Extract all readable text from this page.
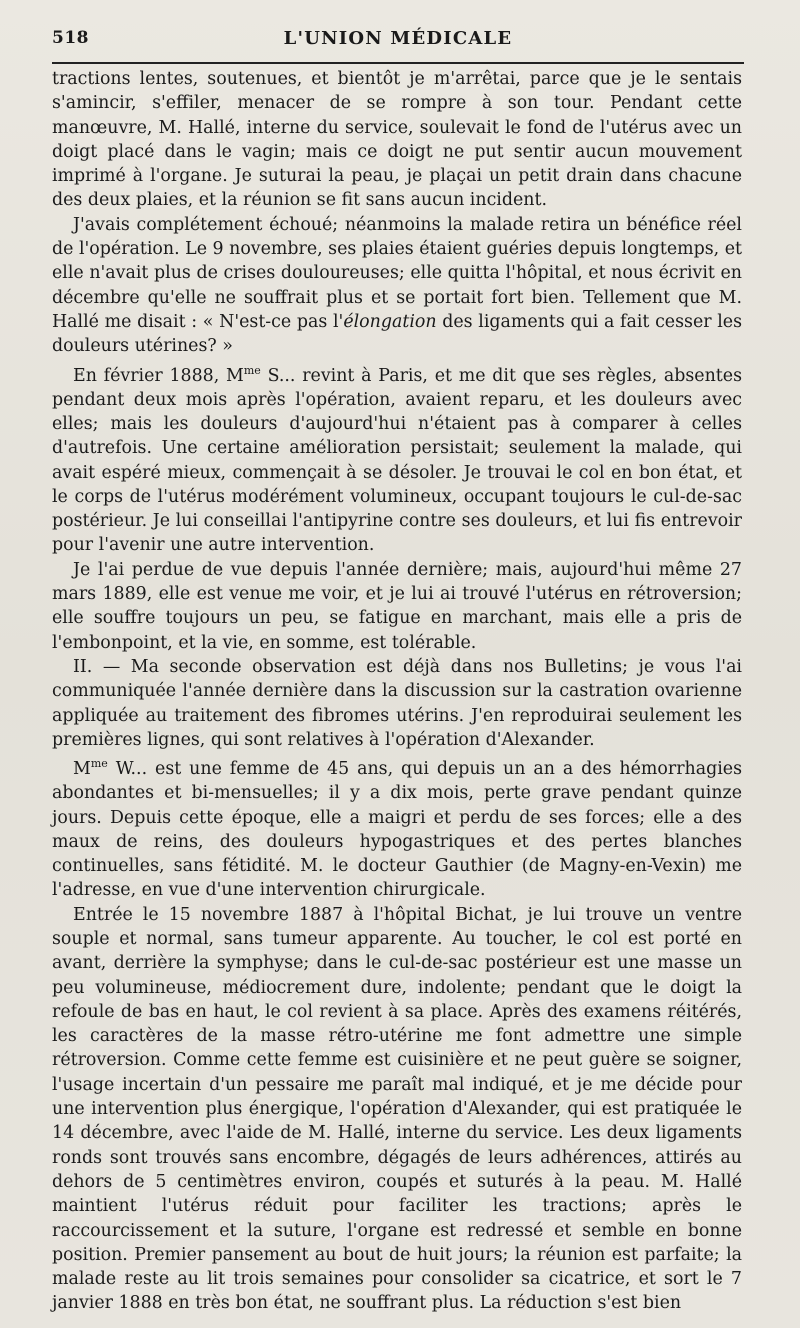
518	L'UNION MÉDICALE

tractions lentes, soutenues, et bientôt je m'arrêtai, parce que je le sentais s'amincir, s'effiler, menacer de se rompre à son tour. Pendant cette manœuvre, M. Hallé, interne du service, soulevait le fond de l'utérus avec un doigt placé dans le vagin; mais ce doigt ne put sentir aucun mouvement imprimé à l'organe. Je suturai la peau, je plaçai un petit drain dans chacune des deux plaies, et la réunion se fit sans aucun incident.

J'avais complétement échoué; néanmoins la malade retira un bénéfice réel de l'opération. Le 9 novembre, ses plaies étaient guéries depuis longtemps, et elle n'avait plus de crises douloureuses; elle quitta l'hôpital, et nous écrivit en décembre qu'elle ne souffrait plus et se portait fort bien. Tellement que M. Hallé me disait : « N'est-ce pas l'élongation des ligaments qui a fait cesser les douleurs utérines? »

En février 1888, $M^{me}$ S... revint à Paris, et me dit que ses règles, absentes pendant deux mois après l'opération, avaient reparu, et les douleurs avec elles; mais les douleurs d'aujourd'hui n'étaient pas à comparer à celles d'autrefois. Une certaine amélioration persistait; seulement la malade, qui avait espéré mieux, commençait à se désoler. Je trouvai le col en bon état, et le corps de l'utérus modérément volumineux, occupant toujours le cul-de-sac postérieur. Je lui conseillai l'antipyrine contre ses douleurs, et lui fis entrevoir pour l'avenir une autre intervention.

Je l'ai perdue de vue depuis l'année dernière; mais, aujourd'hui même 27 mars 1889, elle est venue me voir, et je lui ai trouvé l'utérus en rétroversion; elle souffre toujours un peu, se fatigue en marchant, mais elle a pris de l'embonpoint, et la vie, en somme, est tolérable.

II. — Ma seconde observation est déjà dans nos Bulletins; je vous l'ai communiquée l'année dernière dans la discussion sur la castration ovarienne appliquée au traitement des fibromes utérins. J'en reproduirai seulement les premières lignes, qui sont relatives à l'opération d'Alexander.

$M^{me}$ W... est une femme de 45 ans, qui depuis un an a des hémorrhagies abondantes et bi-mensuelles; il y a dix mois, perte grave pendant quinze jours. Depuis cette époque, elle a maigri et perdu de ses forces; elle a des maux de reins, des douleurs hypogastriques et des pertes blanches continuelles, sans fétidité. M. le docteur Gauthier (de Magny-en-Vexin) me l'adresse, en vue d'une intervention chirurgicale.

Entrée le 15 novembre 1887 à l'hôpital Bichat, je lui trouve un ventre souple et normal, sans tumeur apparente. Au toucher, le col est porté en avant, derrière la symphyse; dans le cul-de-sac postérieur est une masse un peu volumineuse, médiocrement dure, indolente; pendant que le doigt la refoule de bas en haut, le col revient à sa place. Après des examens réitérés, les caractères de la masse rétro-utérine me font admettre une simple rétroversion. Comme cette femme est cuisinière et ne peut guère se soigner, l'usage incertain d'un pessaire me paraît mal indiqué, et je me décide pour une intervention plus énergique, l'opération d'Alexander, qui est pratiquée le 14 décembre, avec l'aide de M. Hallé, interne du service. Les deux ligaments ronds sont trouvés sans encombre, dégagés de leurs adhérences, attirés au dehors de 5 centimètres environ, coupés et suturés à la peau. M. Hallé maintient l'utérus réduit pour faciliter les tractions; après le raccourcissement et la suture, l'organe est redressé et semble en bonne position. Premier pansement au bout de huit jours; la réunion est parfaite; la malade reste au lit trois semaines pour consolider sa cicatrice, et sort le 7 janvier 1888 en très bon état, ne souffrant plus. La réduction s'est bien
